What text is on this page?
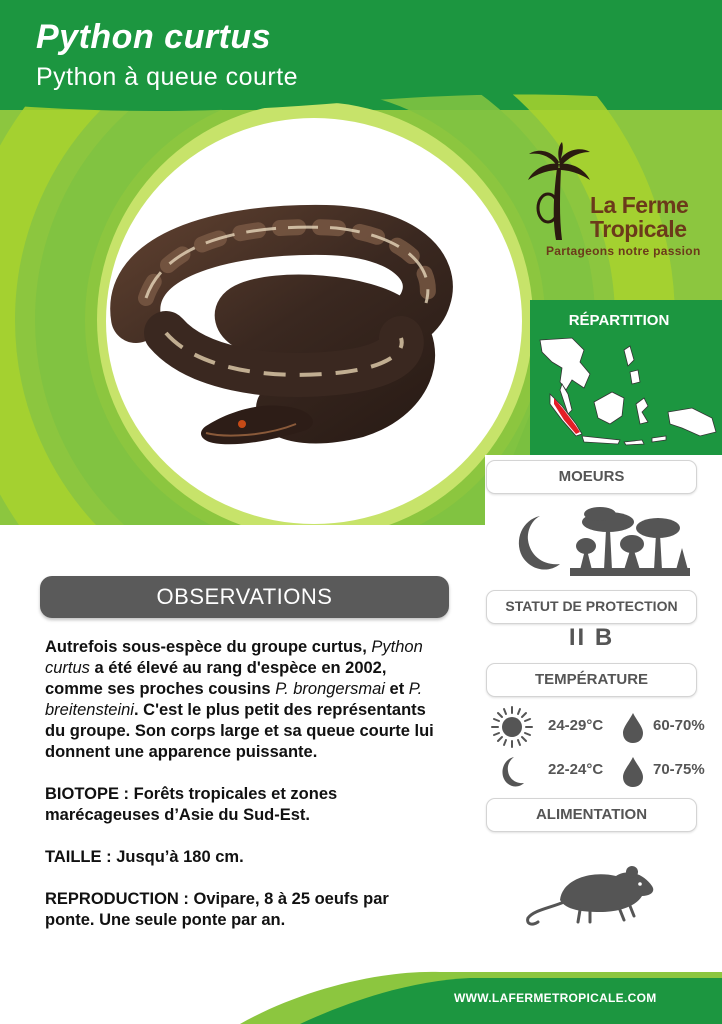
Python curtus
Python à queue courte
La Ferme
Tropicale
Partageons notre passion
RÉPARTITION
MOEURS
STATUT DE PROTECTION
II B
TEMPÉRATURE
24-29°C	60-70%
22-24°C	70-75%
ALIMENTATION
OBSERVATIONS

Autrefois sous-espèce du groupe curtus, Python curtus a été élevé au rang d'espèce en 2002, comme ses proches cousins P. brongersmai et P. breitensteini. C'est le plus petit des représentants du groupe. Son corps large et sa queue courte lui donnent une apparence puissante.

BIOTOPE : Forêts tropicales et zones marécageuses d’Asie du Sud-Est.

TAILLE : Jusqu’à 180 cm.

REPRODUCTION : Ovipare, 8 à 25 oeufs par ponte. Une seule ponte par an.

WWW.LAFERMETROPICALE.COM
